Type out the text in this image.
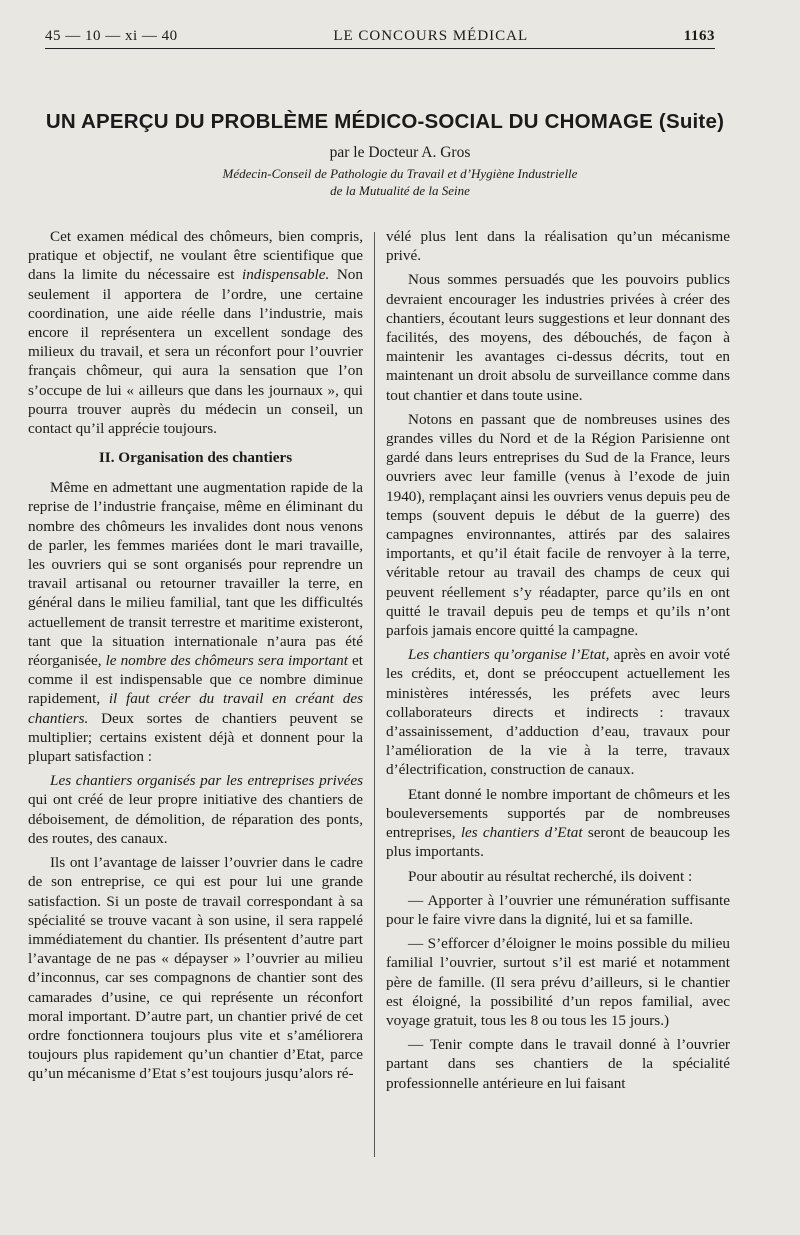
45 — 10 — xi — 40	LE CONCOURS MÉDICAL	1163
UN APERÇU DU PROBLÈME MÉDICO-SOCIAL DU CHOMAGE (Suite)
par le Docteur A. Gros
Médecin-Conseil de Pathologie du Travail et d’Hygiène Industrielle
de la Mutualité de la Seine

Cet examen médical des chômeurs, bien compris, pratique et objectif, ne voulant être scientifique que dans la limite du nécessaire est indispensable. Non seulement il apportera de l’ordre, une certaine coordination, une aide réelle dans l’industrie, mais encore il représentera un excellent sondage des milieux du travail, et sera un réconfort pour l’ouvrier français chômeur, qui aura la sensation que l’on s’occupe de lui « ailleurs que dans les journaux », qui pourra trouver auprès du médecin un conseil, un contact qu’il apprécie toujours.

II. Organisation des chantiers

Même en admettant une augmentation rapide de la reprise de l’industrie française, même en éliminant du nombre des chômeurs les invalides dont nous venons de parler, les femmes mariées dont le mari travaille, les ouvriers qui se sont organisés pour reprendre un travail artisanal ou retourner travailler la terre, en général dans le milieu familial, tant que les difficultés actuellement de transit terrestre et maritime existeront, tant que la situation internationale n’aura pas été réorganisée, le nombre des chômeurs sera important et comme il est indispensable que ce nombre diminue rapidement, il faut créer du travail en créant des chantiers. Deux sortes de chantiers peuvent se multiplier; certains existent déjà et donnent pour la plupart satisfaction :

Les chantiers organisés par les entreprises privées qui ont créé de leur propre initiative des chantiers de déboisement, de démolition, de réparation des ponts, des routes, des canaux.

Ils ont l’avantage de laisser l’ouvrier dans le cadre de son entreprise, ce qui est pour lui une grande satisfaction. Si un poste de travail correspondant à sa spécialité se trouve vacant à son usine, il sera rappelé immédiatement du chantier. Ils présentent d’autre part l’avantage de ne pas « dépayser » l’ouvrier au milieu d’inconnus, car ses compagnons de chantier sont des camarades d’usine, ce qui représente un réconfort moral important. D’autre part, un chantier privé de cet ordre fonctionnera toujours plus vite et s’améliorera toujours plus rapidement qu’un chantier d’Etat, parce qu’un mécanisme d’Etat s’est toujours jusqu’alors ré-

vélé plus lent dans la réalisation qu’un mécanisme privé.

Nous sommes persuadés que les pouvoirs publics devraient encourager les industries privées à créer des chantiers, écoutant leurs suggestions et leur donnant des facilités, des moyens, des débouchés, de façon à maintenir les avantages ci-dessus décrits, tout en maintenant un droit absolu de surveillance comme dans tout chantier et dans toute usine.

Notons en passant que de nombreuses usines des grandes villes du Nord et de la Région Parisienne ont gardé dans leurs entreprises du Sud de la France, leurs ouvriers avec leur famille (venus à l’exode de juin 1940), remplaçant ainsi les ouvriers venus depuis peu de temps (souvent depuis le début de la guerre) des campagnes environnantes, attirés par des salaires importants, et qu’il était facile de renvoyer à la terre, véritable retour au travail des champs de ceux qui peuvent réellement s’y réadapter, parce qu’ils en ont quitté le travail depuis peu de temps et qu’ils n’ont parfois jamais encore quitté la campagne.

Les chantiers qu’organise l’Etat, après en avoir voté les crédits, et, dont se préoccupent actuellement les ministères intéressés, les préfets avec leurs collaborateurs directs et indirects : travaux d’assainissement, d’adduction d’eau, travaux pour l’amélioration de la vie à la terre, travaux d’électrification, construction de canaux.

Etant donné le nombre important de chômeurs et les bouleversements supportés par de nombreuses entreprises, les chantiers d’Etat seront de beaucoup les plus importants.

Pour aboutir au résultat recherché, ils doivent :

— Apporter à l’ouvrier une rémunération suffisante pour le faire vivre dans la dignité, lui et sa famille.

— S’efforcer d’éloigner le moins possible du milieu familial l’ouvrier, surtout s’il est marié et notamment père de famille. (Il sera prévu d’ailleurs, si le chantier est éloigné, la possibilité d’un repos familial, avec voyage gratuit, tous les 8 ou tous les 15 jours.)

— Tenir compte dans le travail donné à l’ouvrier partant dans ses chantiers de la spécialité professionnelle antérieure en lui faisant
